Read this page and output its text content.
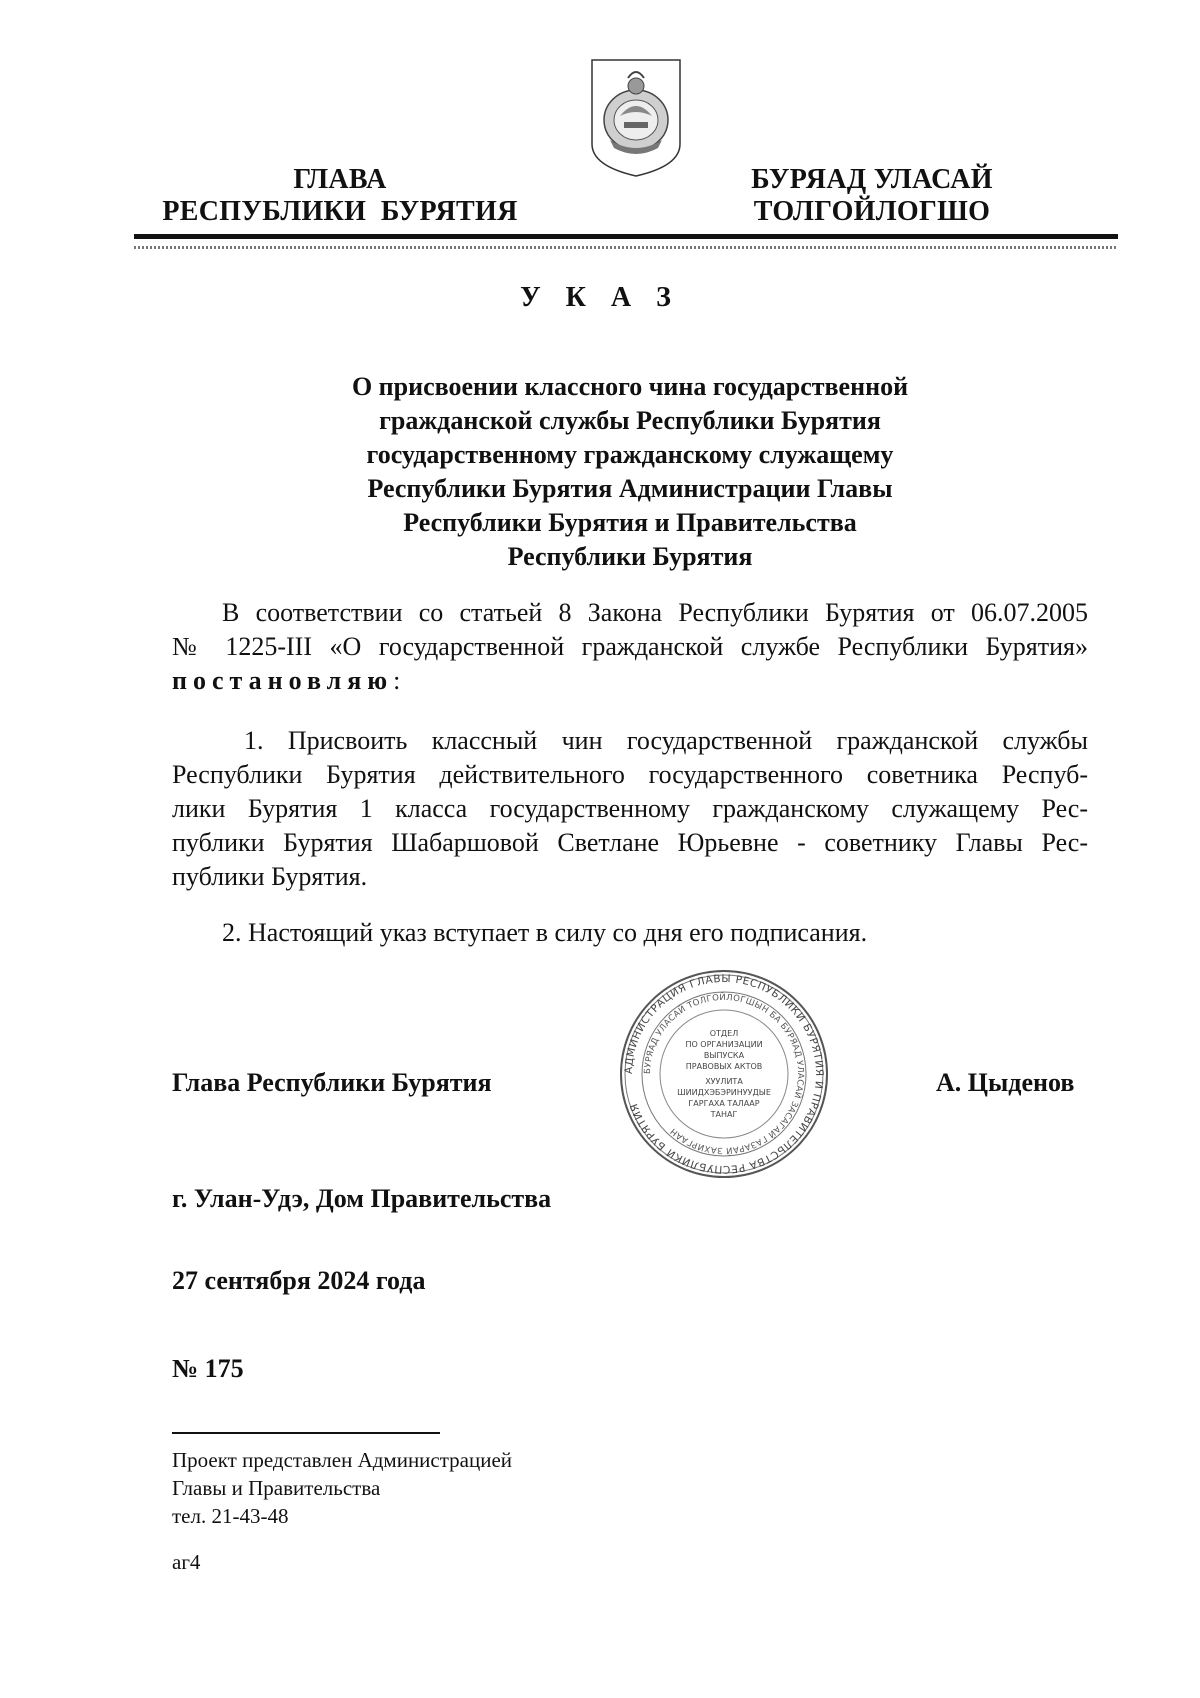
ГЛАВА
РЕСПУБЛИКИ  БУРЯТИЯ
БУРЯАД УЛАСАЙ
ТОЛГОЙЛОГШО
У К А З
О присвоении классного чина государственной
гражданской службы Республики Бурятия
государственному гражданскому служащему
Республики Бурятия Администрации Главы
Республики Бурятия и Правительства
Республики Бурятия
В соответствии со статьей 8 Закона Республики Бурятия от 06.07.2005
№ 1225-III «О государственной гражданской службе Республики Бурятия»
постановляю:
1. Присвоить классный чин государственной гражданской службы
Республики Бурятия действительного государственного советника Респуб-
лики Бурятия 1 класса государственному гражданскому служащему Рес-
публики Бурятия Шабаршовой Светлане Юрьевне - советнику Главы Рес-
публики Бурятия.
2. Настоящий указ вступает в силу со дня его подписания.
Глава Республики Бурятия	АДМИНИСТРАЦИЯ ГЛАВЫ РЕСПУБЛИКИ БУРЯТИЯ И ПРАВИТЕЛЬСТВА РЕСПУБЛИКИ БУРЯТИЯ
БУРЯАД УЛАСАЙ ТОЛГОЙЛОГШЫН БА БУРЯАД УЛАСАЙ ЗАСАГАЙ ГАЗАРАЙ ЗАХИРГААН
ОТДЕЛ
ПО ОРГАНИЗАЦИИ
ВЫПУСКА
ПРАВОВЫХ АКТОВ
ХУУЛИТА
ШИИДХЭБЭРИНУУДЫЕ
ГАРГАХА ТАЛААР
ТАНАГ
А. Цыденов
г. Улан-Удэ, Дом Правительства
27 сентября 2024 года
№ 175
Проект представлен Администрацией
Главы и Правительства
тел. 21-43-48
аг4
